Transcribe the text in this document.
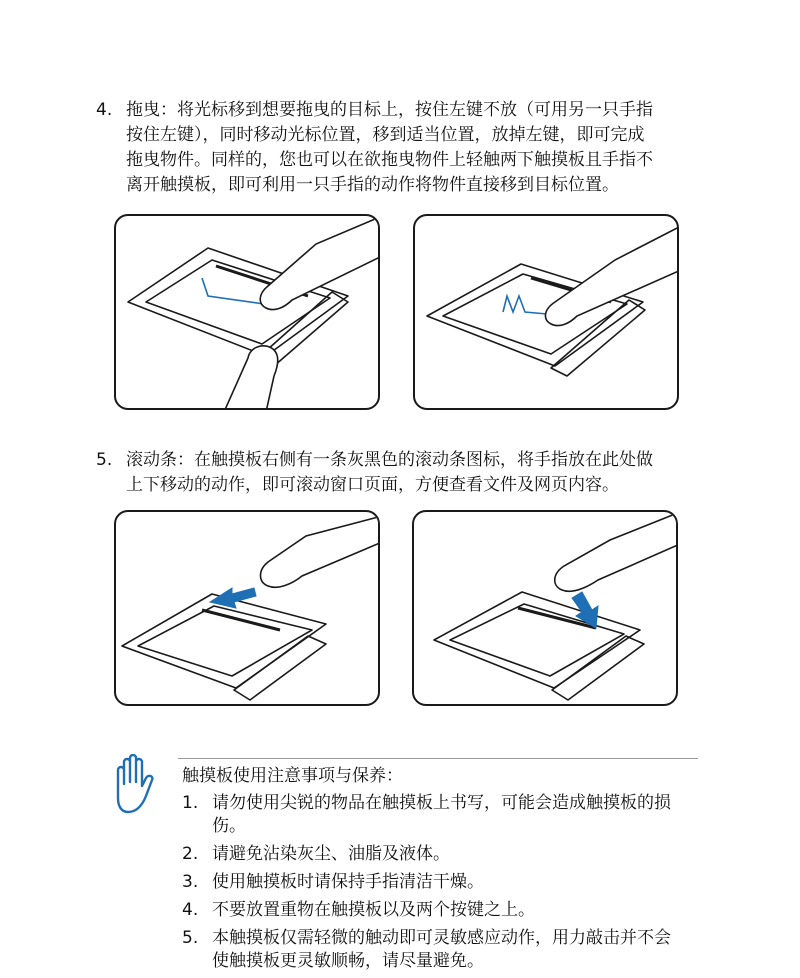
4. 拖曳：将光标移到想要拖曳的目标上，按住左键不放（可用另一只手指
按住左键），同时移动光标位置，移到适当位置，放掉左键，即可完成
拖曳物件。同样的，您也可以在欲拖曳物件上轻触两下触摸板且手指不
离开触摸板，即可利用一只手指的动作将物件直接移到目标位置。
5. 滚动条：在触摸板右侧有一条灰黑色的滚动条图标，将手指放在此处做
上下移动的动作，即可滚动窗口页面，方便查看文件及网页内容。
触摸板使用注意事项与保养：
1. 请勿使用尖锐的物品在触摸板上书写，可能会造成触摸板的损
伤。
2. 请避免沾染灰尘、油脂及液体。
3. 使用触摸板时请保持手指清洁干燥。
4. 不要放置重物在触摸板以及两个按键之上。
5. 本触摸板仅需轻微的触动即可灵敏感应动作，用力敲击并不会
使触摸板更灵敏顺畅，请尽量避免。
